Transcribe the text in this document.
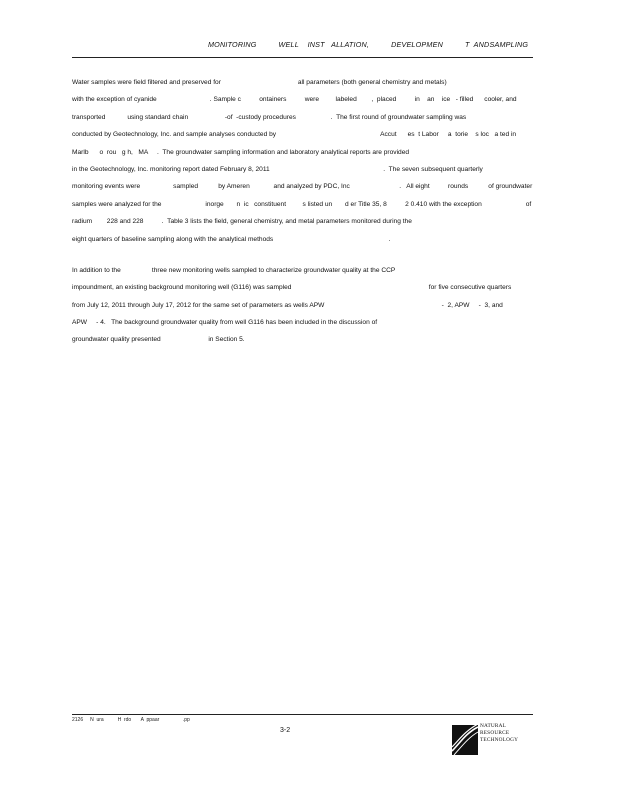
MONITORING          WELL    INST   ALLATION,          DEVELOPMEN          T  ANDSAMPLING

Water samples were field filtered and preserved for                                          all parameters (both general chemistry and metals)

with the exception of cyanide                             . Sample c          ontainers          were         labeled        ,  placed          in    an    ice   - filled      cooler, and

transported            using standard chain                    -of  -custody procedures                   .  The first round of groundwater sampling was

conducted by Geotechnology, Inc. and sample analyses conducted by                                                         Accut      es  t Labor     a  torie    s loc   a ted in

Marlb      o  rou   g h,   MA     .  The groundwater sampling information and laboratory analytical reports are provided

in the Geotechnology, Inc. monitoring report dated February 8, 2011                                                              .  The seven subsequent quarterly

monitoring events were                  sampled           by Ameren             and analyzed by PDC, Inc                           .   All eight          rounds           of groundwater

samples were analyzed for the                        inorge       n  ic   constituent         s listed un       d er Title 35, 8          2 0.410 with the exception                        of

radium        228 and 228          .  Table 3 lists the field, general chemistry, and metal parameters monitored during the

eight quarters of baseline sampling along with the analytical methods                                                               .

In addition to the                 three new monitoring wells sampled to characterize groundwater quality at the CCP

impoundment, an existing background monitoring well (G116) was sampled                                                                           for five consecutive quarters

from July 12, 2011 through July 17, 2012 for the same set of parameters as wells APW                                                                -  2, APW     -  3, and

APW     - 4.   The background groundwater quality from well G116 has been included in the discussion of

groundwater quality presented                          in Section 5.

2126     N  ura          H  rdo       A  ppaar                 .pp
3-2
NATURAL
RESOURCE
TECHNOLOGY
